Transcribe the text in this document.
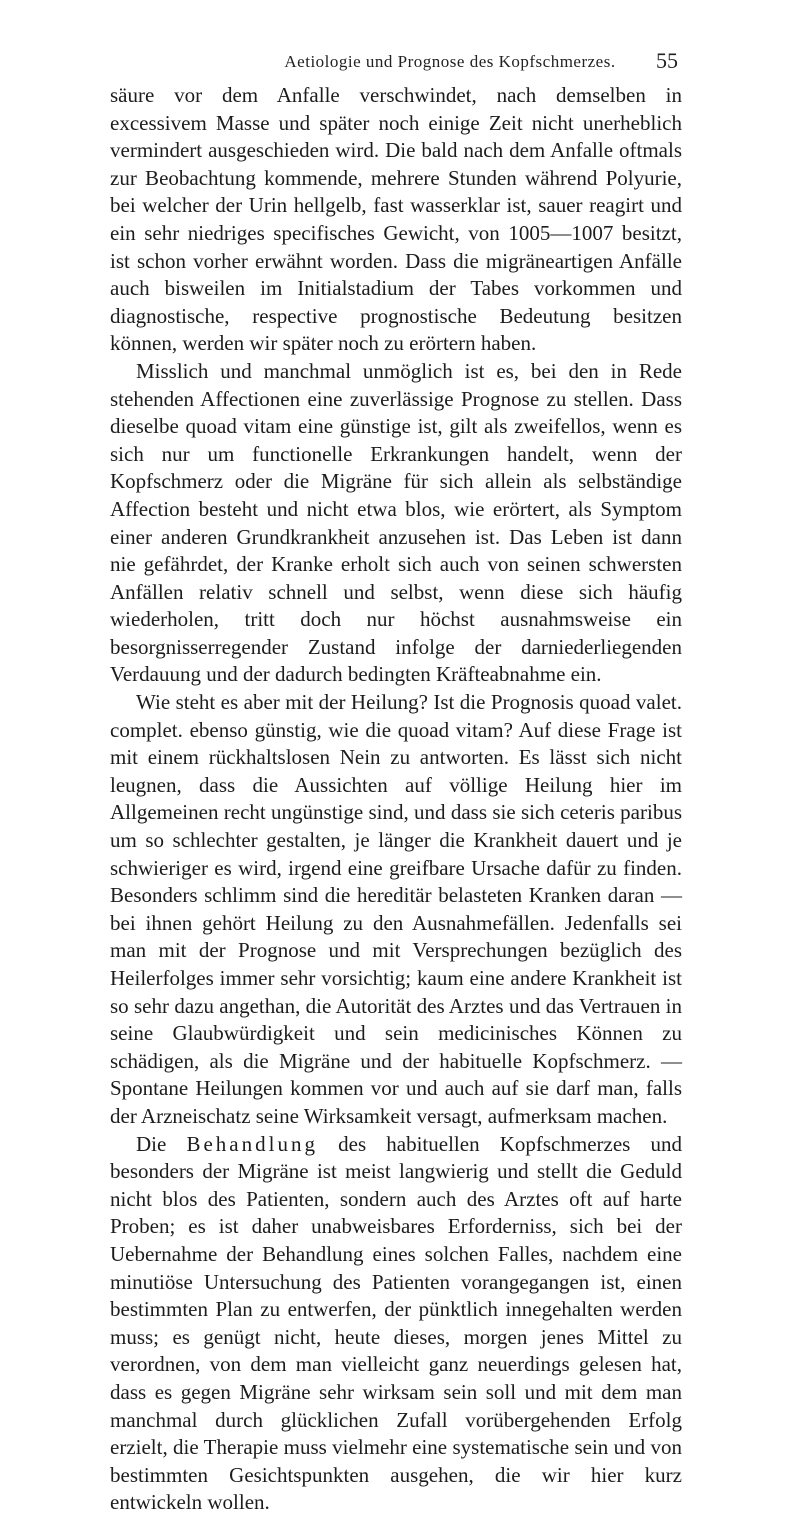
Aetiologie und Prognose des Kopfschmerzes.	55

säure vor dem Anfalle verschwindet, nach demselben in excessivem Masse und später noch einige Zeit nicht unerheblich vermindert ausgeschieden wird. Die bald nach dem Anfalle oftmals zur Beobachtung kommende, mehrere Stunden während Polyurie, bei welcher der Urin hellgelb, fast wasserklar ist, sauer reagirt und ein sehr niedriges specifisches Gewicht, von 1005—1007 besitzt, ist schon vorher erwähnt worden. Dass die migräneartigen Anfälle auch bisweilen im Initialstadium der Tabes vorkommen und diagnostische, respective prognostische Bedeutung besitzen können, werden wir später noch zu erörtern haben.

Misslich und manchmal unmöglich ist es, bei den in Rede stehenden Affectionen eine zuverlässige Prognose zu stellen. Dass dieselbe quoad vitam eine günstige ist, gilt als zweifellos, wenn es sich nur um functionelle Erkrankungen handelt, wenn der Kopfschmerz oder die Migräne für sich allein als selbständige Affection besteht und nicht etwa blos, wie erörtert, als Symptom einer anderen Grundkrankheit anzusehen ist. Das Leben ist dann nie gefährdet, der Kranke erholt sich auch von seinen schwersten Anfällen relativ schnell und selbst, wenn diese sich häufig wiederholen, tritt doch nur höchst ausnahmsweise ein besorgnisserregender Zustand infolge der darniederliegenden Verdauung und der dadurch bedingten Kräfteabnahme ein.

Wie steht es aber mit der Heilung? Ist die Prognosis quoad valet. complet. ebenso günstig, wie die quoad vitam? Auf diese Frage ist mit einem rückhaltslosen Nein zu antworten. Es lässt sich nicht leugnen, dass die Aussichten auf völlige Heilung hier im Allgemeinen recht ungünstige sind, und dass sie sich ceteris paribus um so schlechter gestalten, je länger die Krankheit dauert und je schwieriger es wird, irgend eine greifbare Ursache dafür zu finden. Besonders schlimm sind die hereditär belasteten Kranken daran — bei ihnen gehört Heilung zu den Ausnahmefällen. Jedenfalls sei man mit der Prognose und mit Versprechungen bezüglich des Heilerfolges immer sehr vorsichtig; kaum eine andere Krankheit ist so sehr dazu angethan, die Autorität des Arztes und das Vertrauen in seine Glaubwürdigkeit und sein medicinisches Können zu schädigen, als die Migräne und der habituelle Kopfschmerz. — Spontane Heilungen kommen vor und auch auf sie darf man, falls der Arzneischatz seine Wirksamkeit versagt, aufmerksam machen.

Die Behandlung des habituellen Kopfschmerzes und besonders der Migräne ist meist langwierig und stellt die Geduld nicht blos des Patienten, sondern auch des Arztes oft auf harte Proben; es ist daher unabweisbares Erforderniss, sich bei der Uebernahme der Behandlung eines solchen Falles, nachdem eine minutiöse Untersuchung des Patienten vorangegangen ist, einen bestimmten Plan zu entwerfen, der pünktlich innegehalten werden muss; es genügt nicht, heute dieses, morgen jenes Mittel zu verordnen, von dem man vielleicht ganz neuerdings gelesen hat, dass es gegen Migräne sehr wirksam sein soll und mit dem man manchmal durch glücklichen Zufall vorübergehenden Erfolg erzielt, die Therapie muss vielmehr eine systematische sein und von bestimmten Gesichtspunkten ausgehen, die wir hier kurz entwickeln wollen.
